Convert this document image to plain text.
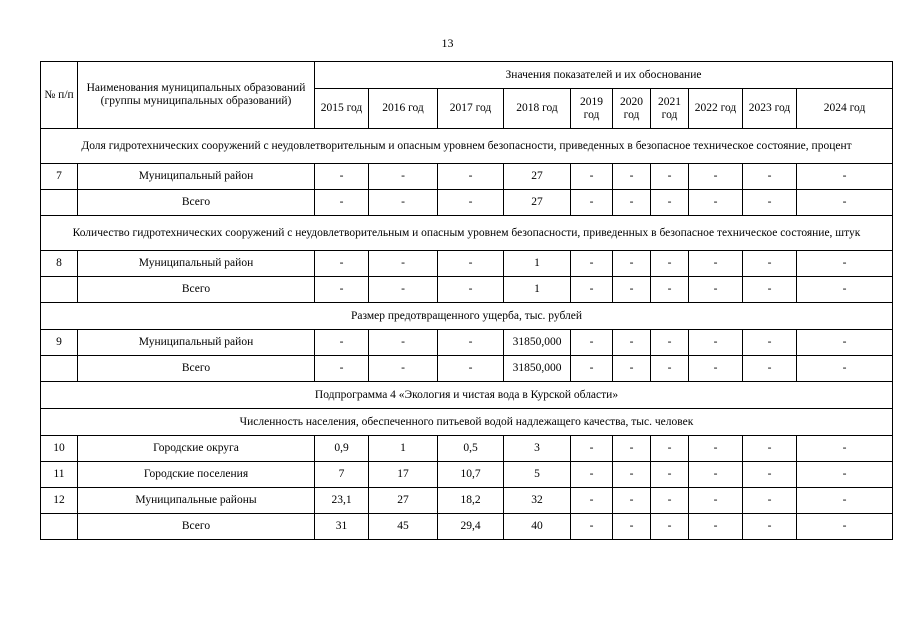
13
№ п/п	Наименования муниципальных образований (группы муниципальных образований)	Значения показателей и их обоснование									
		2015 год	2016 год	2017 год	2018 год	2019 год	2020 год	2021 год	2022 год	2023 год	2024 год
Доля гидротехнических сооружений с неудовлетворительным и опасным уровнем безопасности, приведенных в безопасное техническое состояние, процент											
7	Муниципальный район	-	-	-	27	-	-	-	-	-	-
	Всего	-	-	-	27	-	-	-	-	-	-
Количество гидротехнических сооружений с неудовлетворительным и опасным уровнем безопасности, приведенных в безопасное техническое состояние, штук											
8	Муниципальный район	-	-	-	1	-	-	-	-	-	-
	Всего	-	-	-	1	-	-	-	-	-	-
Размер предотвращенного ущерба, тыс. рублей											
9	Муниципальный район	-	-	-	31850,000	-	-	-	-	-	-
	Всего	-	-	-	31850,000	-	-	-	-	-	-
Подпрограмма 4 «Экология и чистая вода в Курской области»											
Численность населения, обеспеченного питьевой водой надлежащего качества, тыс. человек											
10	Городские округа	0,9	1	0,5	3	-	-	-	-	-	-
11	Городские поселения	7	17	10,7	5	-	-	-	-	-	-
12	Муниципальные районы	23,1	27	18,2	32	-	-	-	-	-	-
	Всего	31	45	29,4	40	-	-	-	-	-	-
